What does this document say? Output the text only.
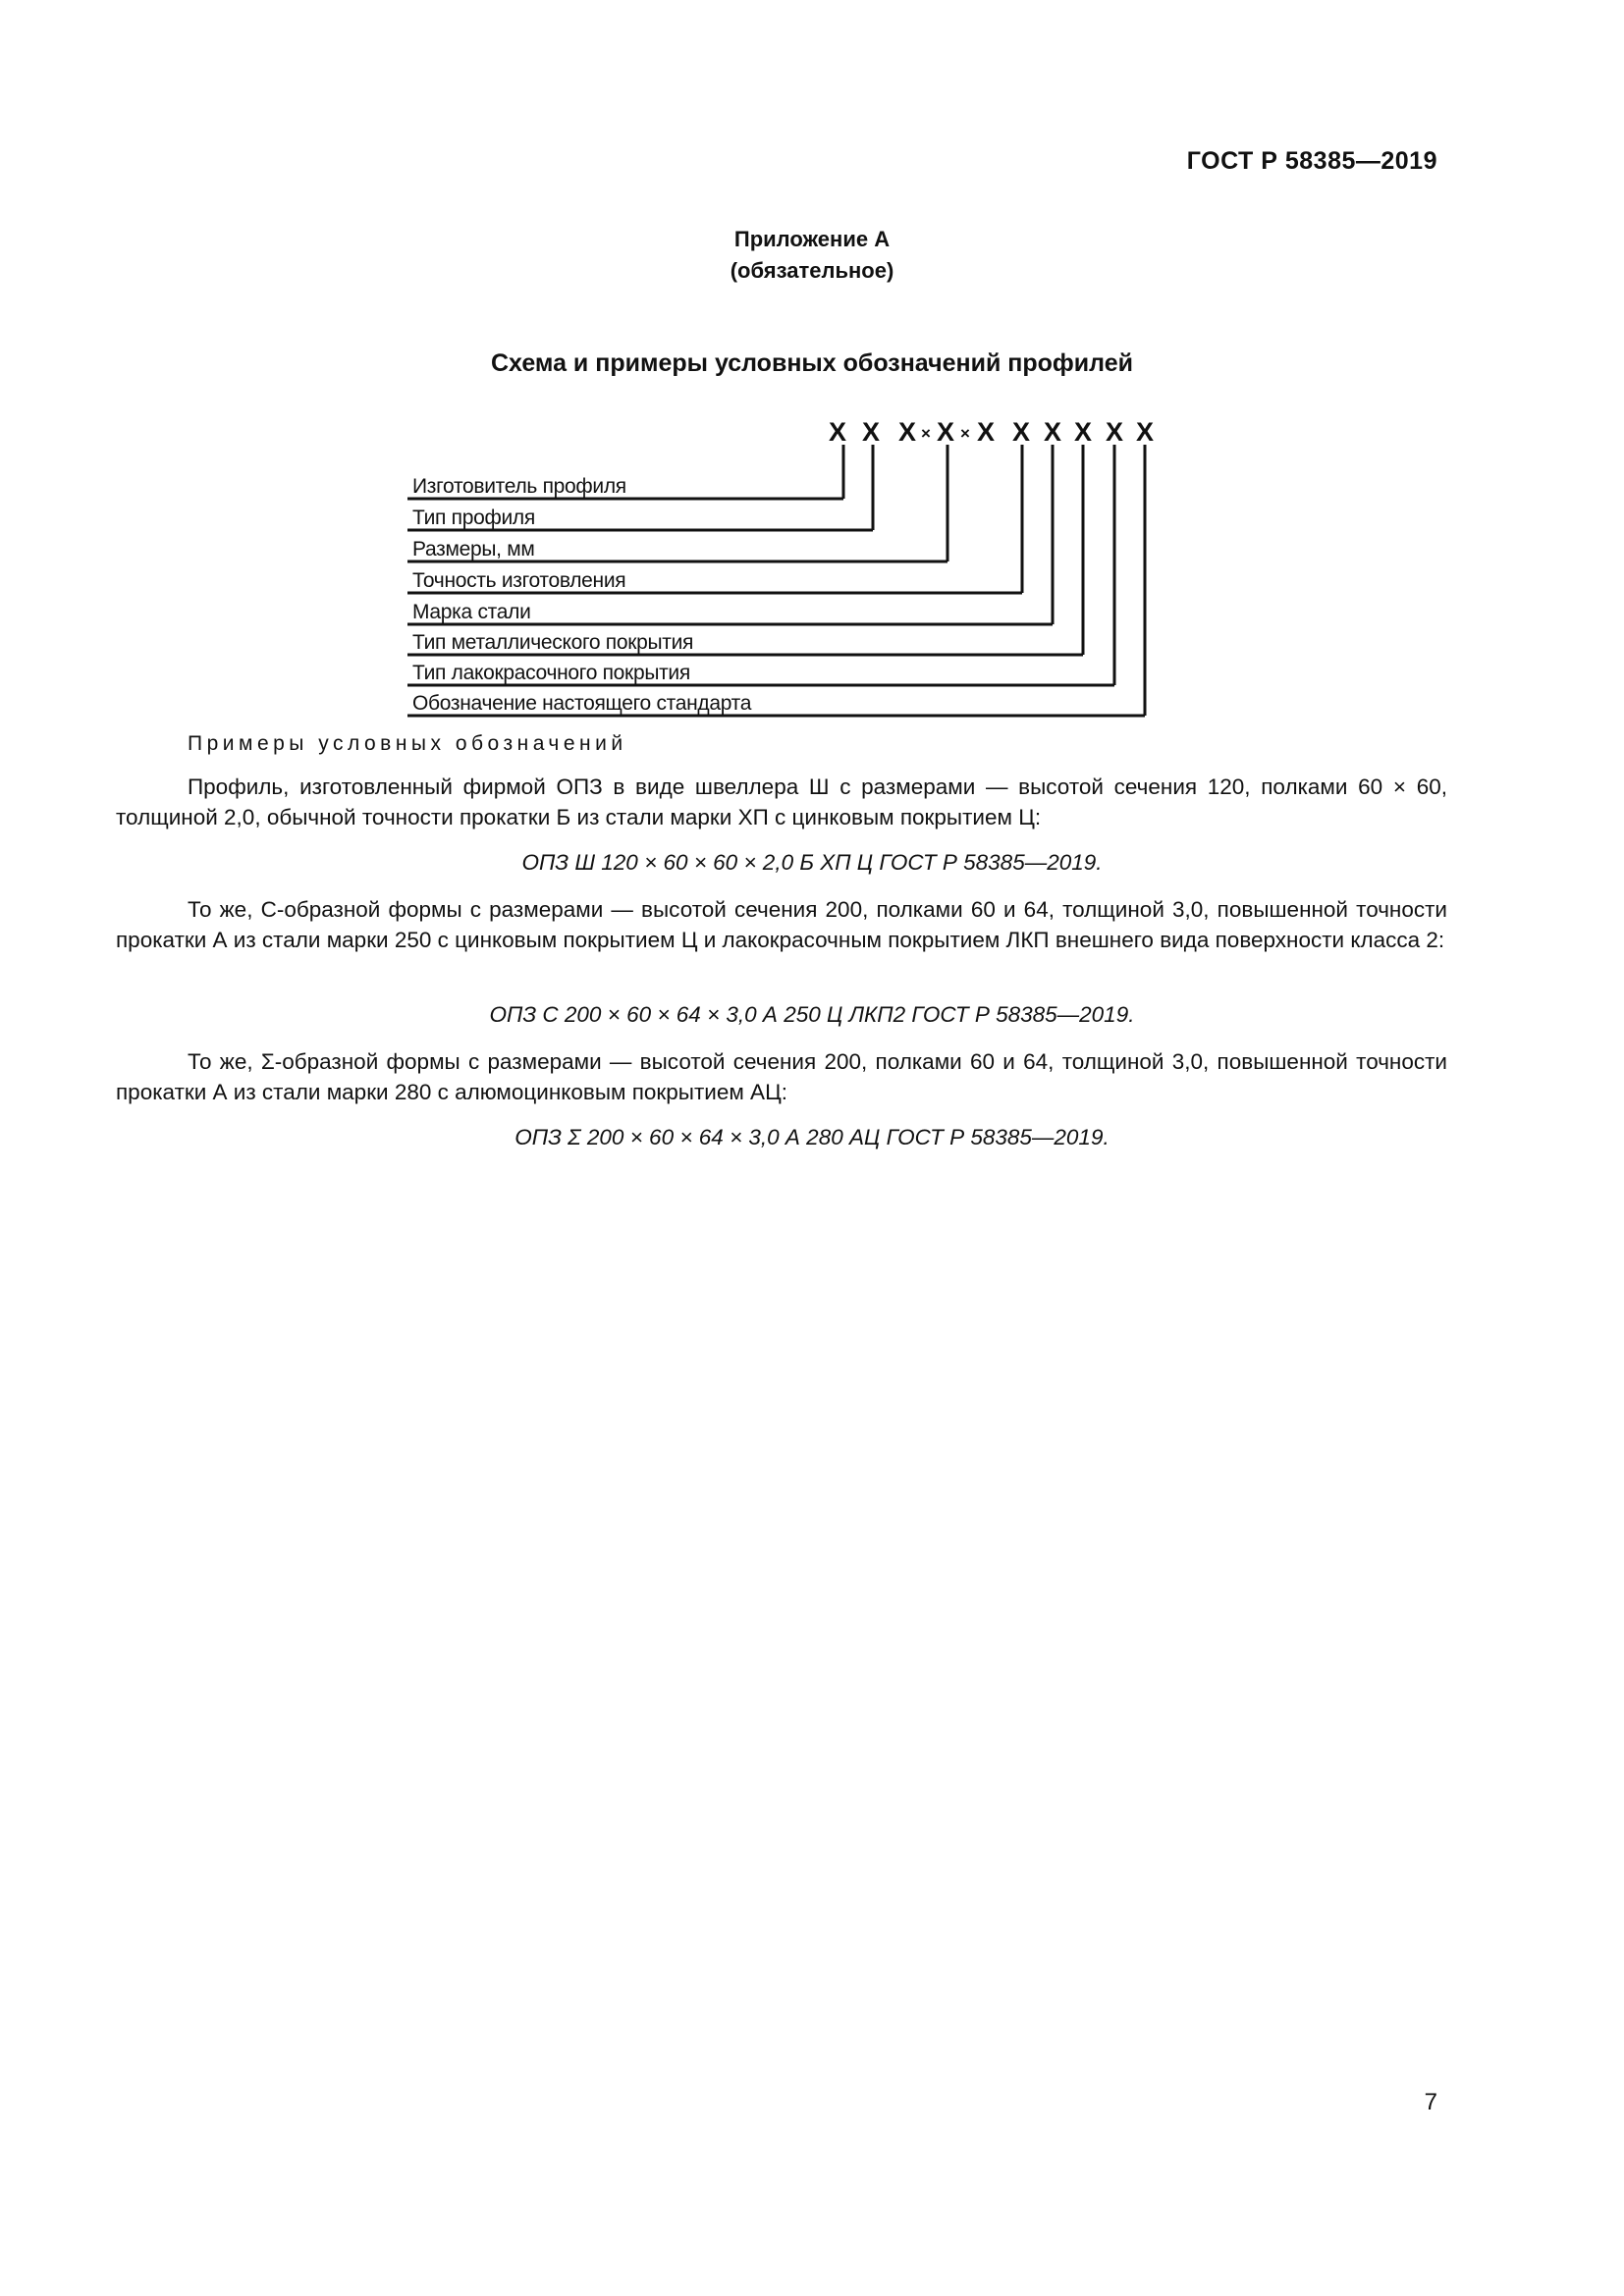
ГОСТ Р 58385—2019
Приложение А
(обязательное)
Схема и примеры условных обозначений профилей
X X X × X × X X X X X X
Изготовитель профиля
Тип профиля
Размеры, мм
Точность изготовления
Марка стали
Тип металлического покрытия
Тип лакокрасочного покрытия
Обозначение настоящего стандарта
Примеры условных обозначений
Профиль, изготовленный фирмой ОПЗ в виде швеллера Ш с размерами — высотой сечения 120, полками 60 × 60, толщиной 2,0, обычной точности прокатки Б из стали марки ХП с цинковым покрытием Ц:
ОПЗ Ш 120 × 60 × 60 × 2,0 Б ХП Ц ГОСТ Р 58385—2019.
То же, С-образной формы с размерами — высотой сечения 200, полками 60 и 64, толщиной 3,0, повышенной точности прокатки А из стали марки 250 с цинковым покрытием Ц и лакокрасочным покрытием ЛКП внешнего вида поверхности класса 2:
ОПЗ С 200 × 60 × 64 × 3,0 А 250 Ц ЛКП2 ГОСТ Р 58385—2019.
То же, Σ-образной формы с размерами — высотой сечения 200, полками 60 и 64, толщиной 3,0, повышенной точности прокатки А из стали марки 280 с алюмоцинковым покрытием АЦ:
ОПЗ Σ 200 × 60 × 64 × 3,0 А 280 АЦ ГОСТ Р 58385—2019.
7
